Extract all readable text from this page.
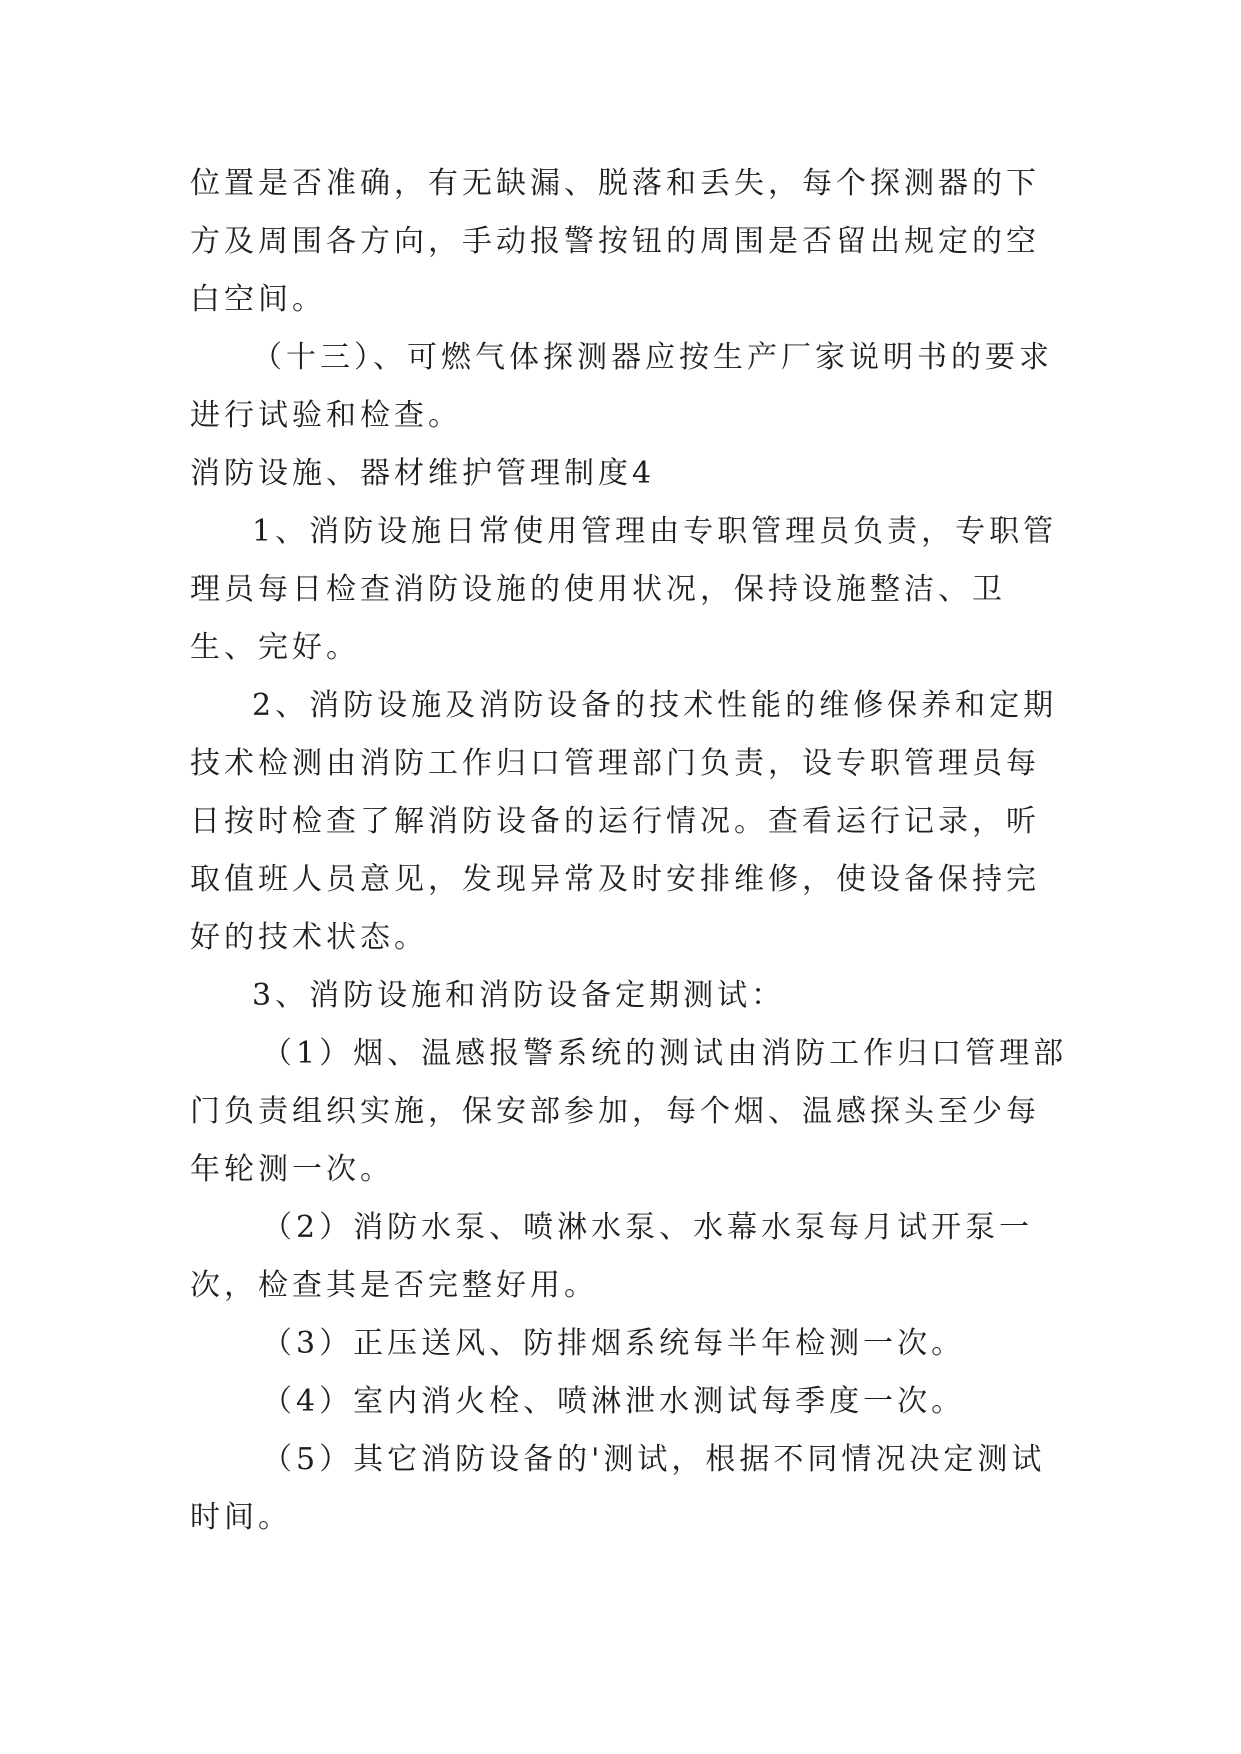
位置是否准确，有无缺漏、脱落和丢失，每个探测器的下方及周围各方向，手动报警按钮的周围是否留出规定的空白空间。

（十三）、可燃气体探测器应按生产厂家说明书的要求进行试验和检查。

消防设施、器材维护管理制度4

1、消防设施日常使用管理由专职管理员负责，专职管理员每日检查消防设施的使用状况，保持设施整洁、卫生、完好。

2、消防设施及消防设备的技术性能的维修保养和定期技术检测由消防工作归口管理部门负责，设专职管理员每日按时检查了解消防设备的运行情况。查看运行记录，听取值班人员意见，发现异常及时安排维修，使设备保持完好的技术状态。

3、消防设施和消防设备定期测试：

（1）烟、温感报警系统的测试由消防工作归口管理部门负责组织实施，保安部参加，每个烟、温感探头至少每年轮测一次。

（2）消防水泵、喷淋水泵、水幕水泵每月试开泵一次，检查其是否完整好用。

（3）正压送风、防排烟系统每半年检测一次。

（4）室内消火栓、喷淋泄水测试每季度一次。

（5）其它消防设备的'测试，根据不同情况决定测试时间。
